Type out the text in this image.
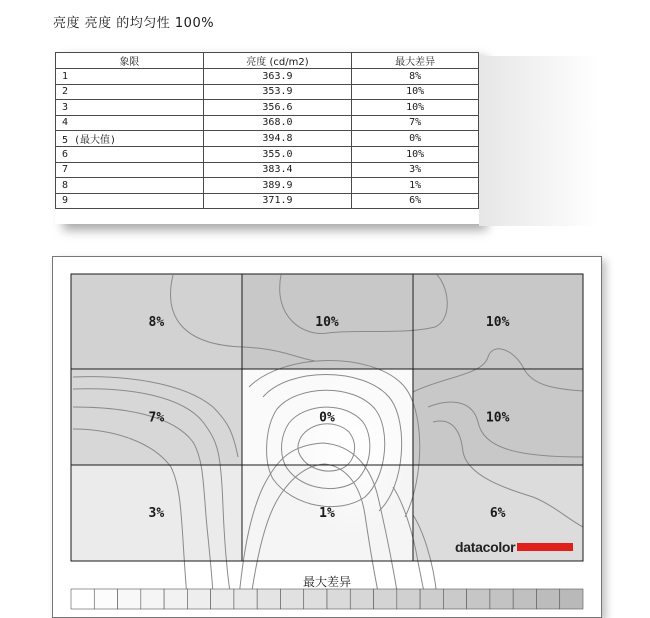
亮度 亮度 的均匀性 100%
象限	亮度 (cd/m2)	最大差异
1	363.9	8%
2	353.9	10%
3	356.6	10%
4	368.0	7%
5 (最大值)	394.8	0%
6	355.0	10%
7	383.4	3%
8	389.9	1%
9	371.9	6%
8%	10%	10%
7%	0%	10%
3%	1%	6%
datacolor
最大差异
